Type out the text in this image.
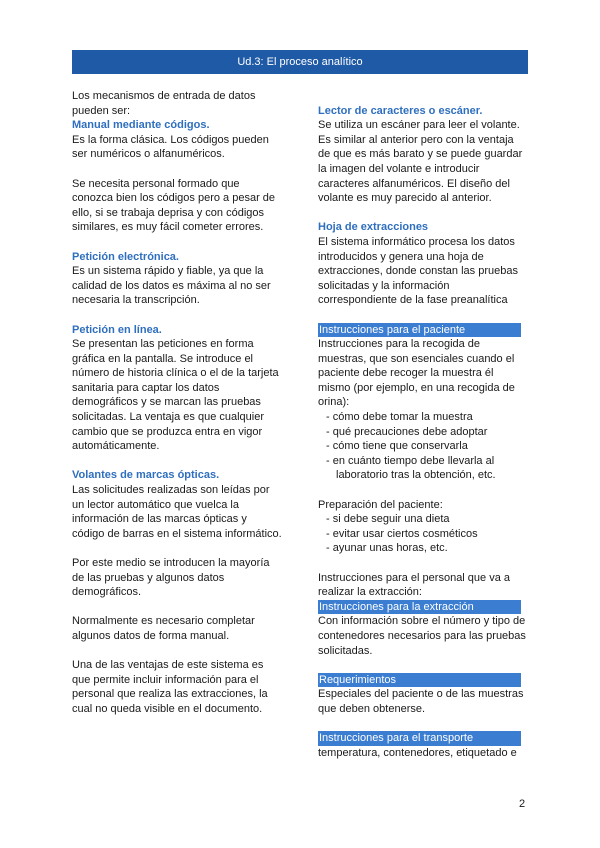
Ud.3: El proceso analítico

Los mecanismos de entrada de datos pueden ser:

Manual mediante códigos.

Es la forma clásica. Los códigos pueden ser numéricos o alfanuméricos.

Se necesita personal formado que conozca bien los códigos pero a pesar de ello, si se trabaja deprisa y con códigos similares, es muy fácil cometer errores.

Petición electrónica.

Es un sistema rápido y fiable, ya que la calidad de los datos es máxima al no ser necesaria la transcripción.

Petición en línea.

Se presentan las peticiones en forma gráfica en la pantalla. Se introduce el número de historia clínica o el de la tarjeta sanitaria para captar los datos demográficos y se marcan las pruebas solicitadas. La ventaja es que cualquier cambio que se produzca entra en vigor automáticamente.

Volantes de marcas ópticas.

Las solicitudes realizadas son leídas por un lector automático que vuelca la información de las marcas ópticas y código de barras en el sistema informático.

Por este medio se introducen la mayoría de las pruebas y algunos datos demográficos.

Normalmente es necesario completar algunos datos de forma manual.

Una de las ventajas de este sistema es que permite incluir información para el personal que realiza las extracciones, la cual no queda visible en el documento.

Lector de caracteres o escáner.

Se utiliza un escáner para leer el volante. Es similar al anterior pero con la ventaja de que es más barato y se puede guardar la imagen del volante e introducir caracteres alfanuméricos. El diseño del volante es muy parecido al anterior.

Hoja de extracciones

El sistema informático procesa los datos introducidos y genera una hoja de extracciones, donde constan las pruebas solicitadas y la información correspondiente de la fase preanalítica

Instrucciones para el paciente

Instrucciones para la recogida de muestras, que son esenciales cuando el paciente debe recoger la muestra él mismo (por ejemplo, en una recogida de orina):

- cómo debe tomar la muestra
- qué precauciones debe adoptar
- cómo tiene que conservarla
- en cuánto tiempo debe llevarla al laboratorio tras la obtención, etc.

Preparación del paciente:

- si debe seguir una dieta
- evitar usar ciertos cosméticos
- ayunar unas horas, etc.

Instrucciones para el personal que va a realizar la extracción:

Instrucciones para la extracción

Con información sobre el número y tipo de contenedores necesarios para las pruebas solicitadas.

Requerimientos

Especiales del paciente o de las muestras que deben obtenerse.

Instrucciones para el transporte

temperatura, contenedores, etiquetado e

2
